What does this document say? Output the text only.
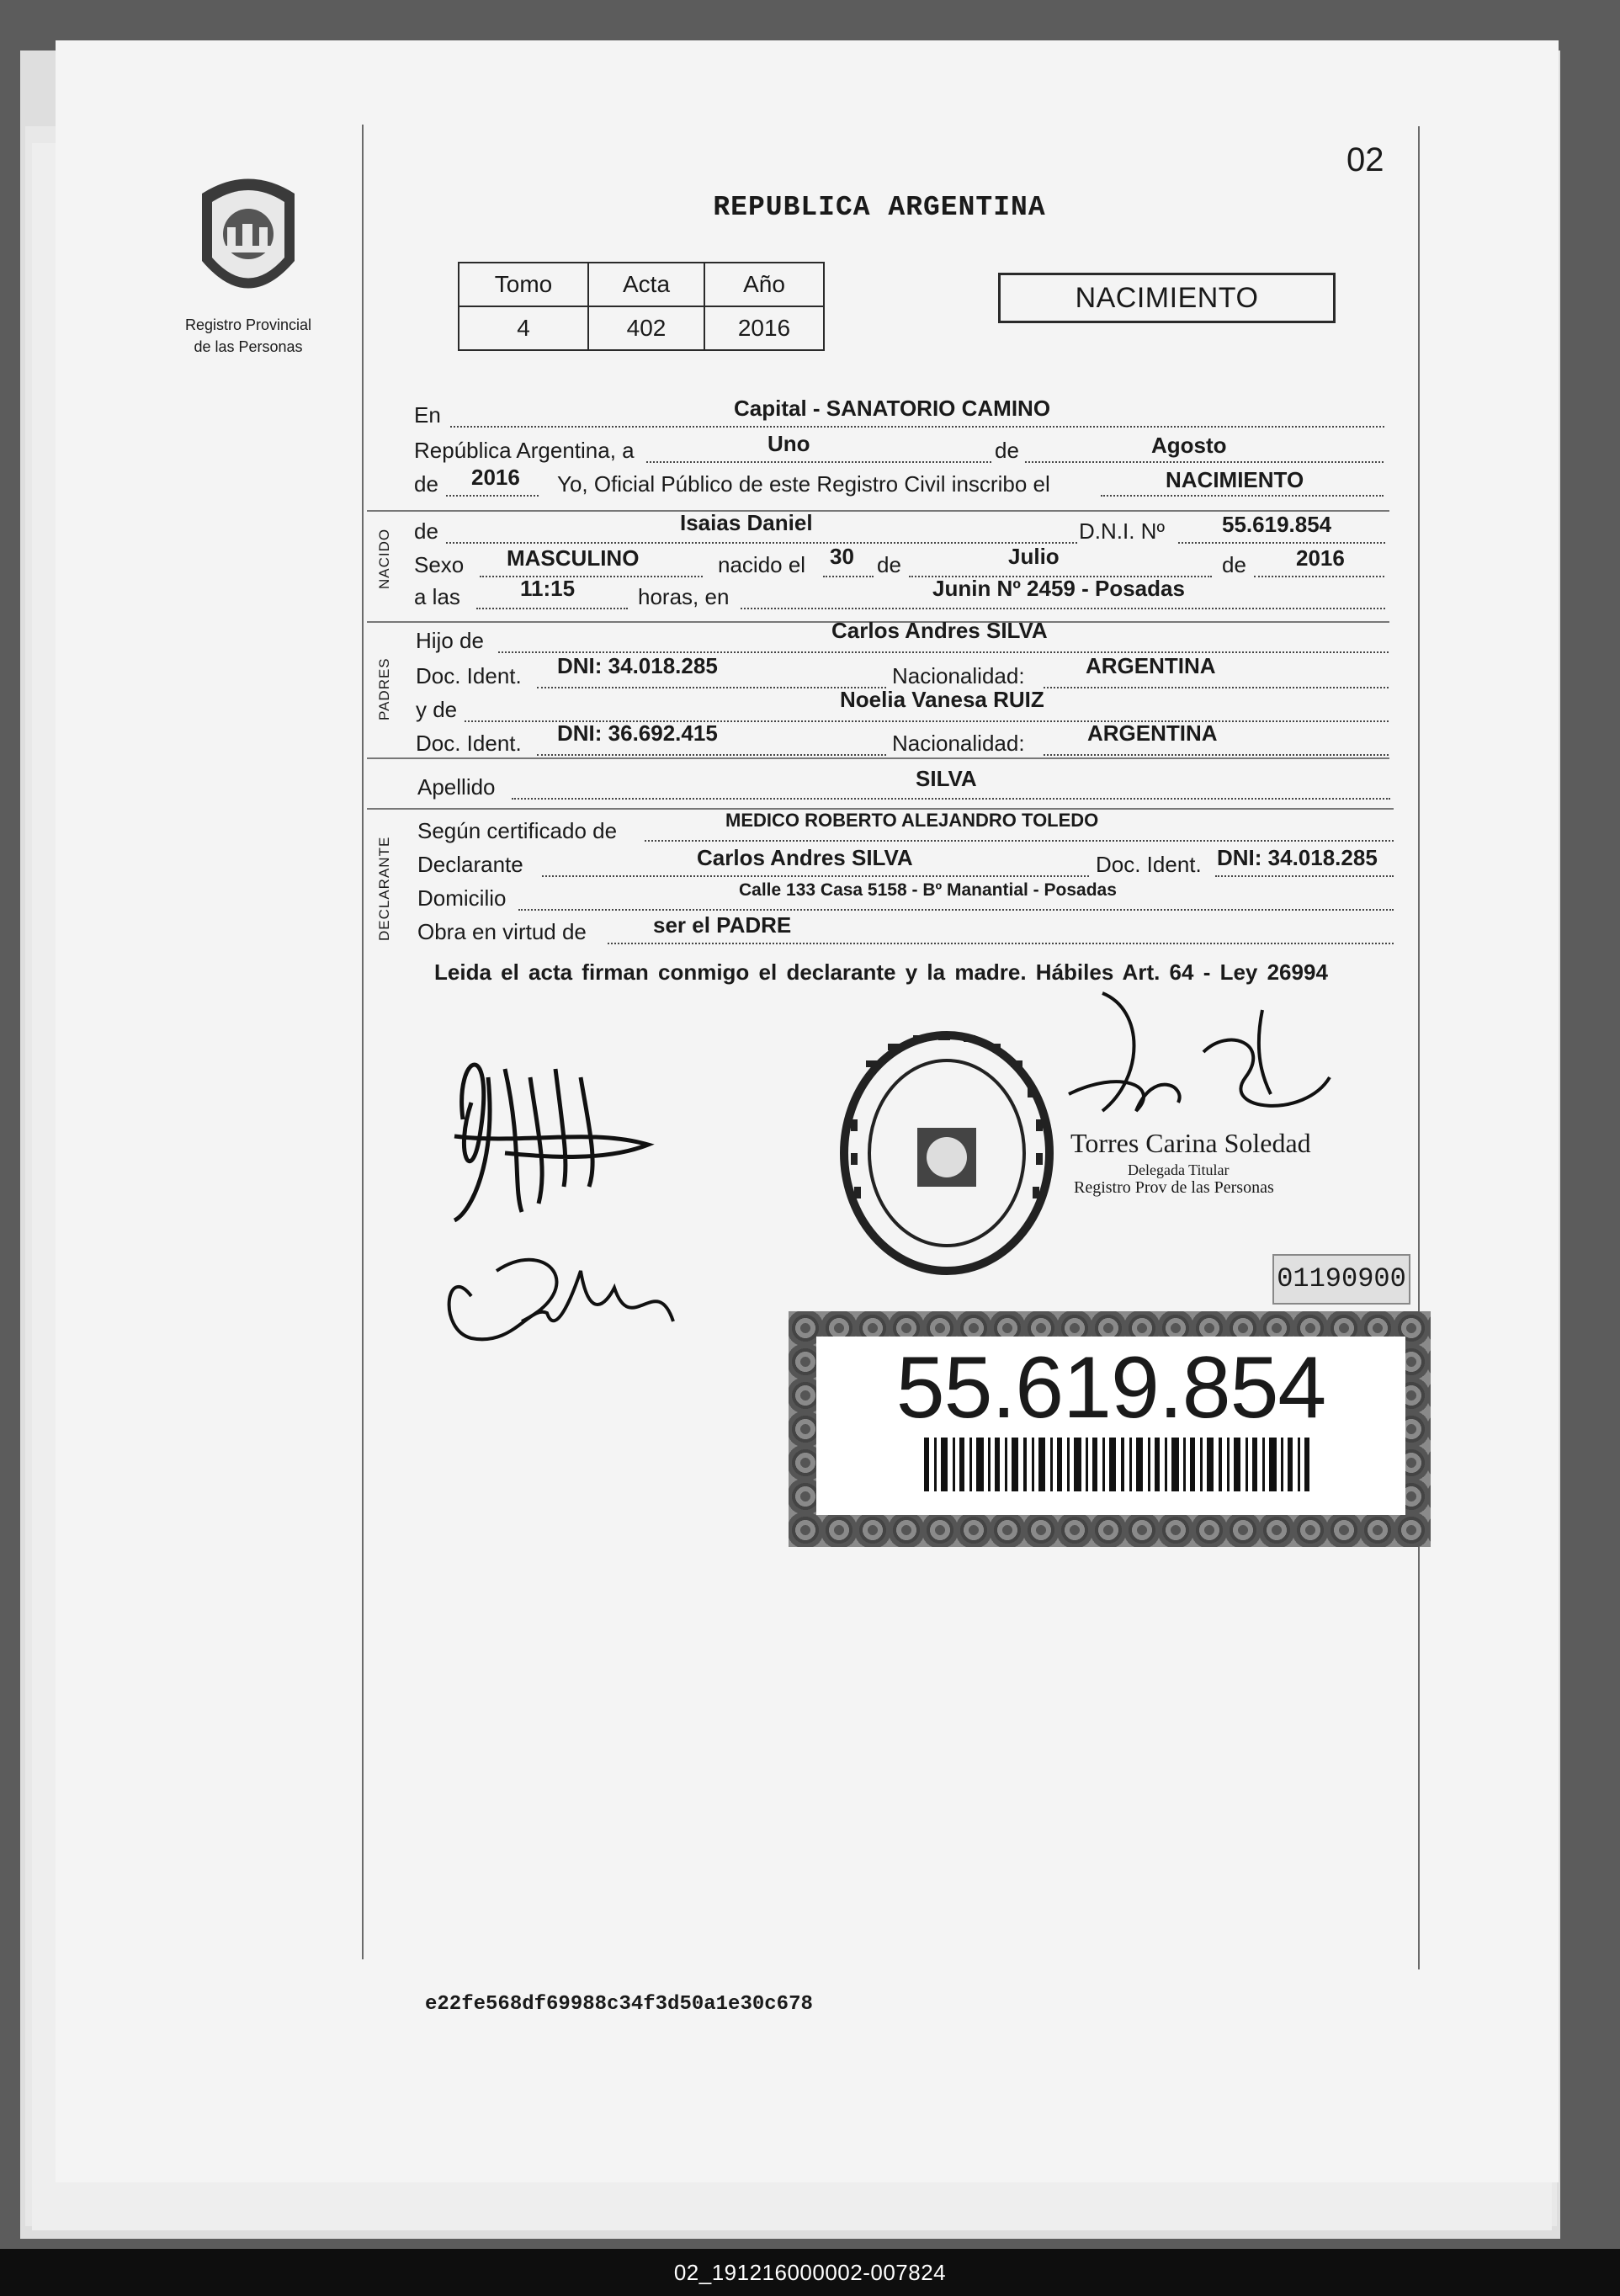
02
REPUBLICA ARGENTINA
Registro Provincial
de las Personas
Tomo	Acta	Año
4	402	2016
NACIMIENTO
En	Capital - SANATORIO CAMINO
República Argentina, a	Uno	de	Agosto
de 2016 Yo, Oficial Público de este Registro Civil inscribo el	NACIMIENTO
NACIDO de	Isaias Daniel	D.N.I. Nº	55.619.854
Sexo MASCULINO	nacido el 30 de	Julio	de 2016
a las	11:15	horas, en	Junin Nº 2459 - Posadas
PADRES
Hijo de	Carlos Andres SILVA
Doc. Ident. DNI: 34.018.285	Nacionalidad:	ARGENTINA
y de	Noelia Vanesa RUIZ
Doc. Ident. DNI: 36.692.415	Nacionalidad:	ARGENTINA
Apellido	SILVA
DECLARANTE
Según certificado de	MEDICO ROBERTO ALEJANDRO TOLEDO
Declarante	Carlos Andres SILVA	Doc. Ident. DNI: 34.018.285
Domicilio	Calle 133 Casa 5158 - Bº Manantial - Posadas
Obra en virtud de	ser el PADRE
Leida el acta firman conmigo el declarante y la madre. Hábiles Art. 64 - Ley 26994
Torres Carina Soledad
Delegada Titular
Registro Prov de las Personas
01190900
55.619.854
e22fe568df69988c34f3d50a1e30c678
02_191216000002-007824
